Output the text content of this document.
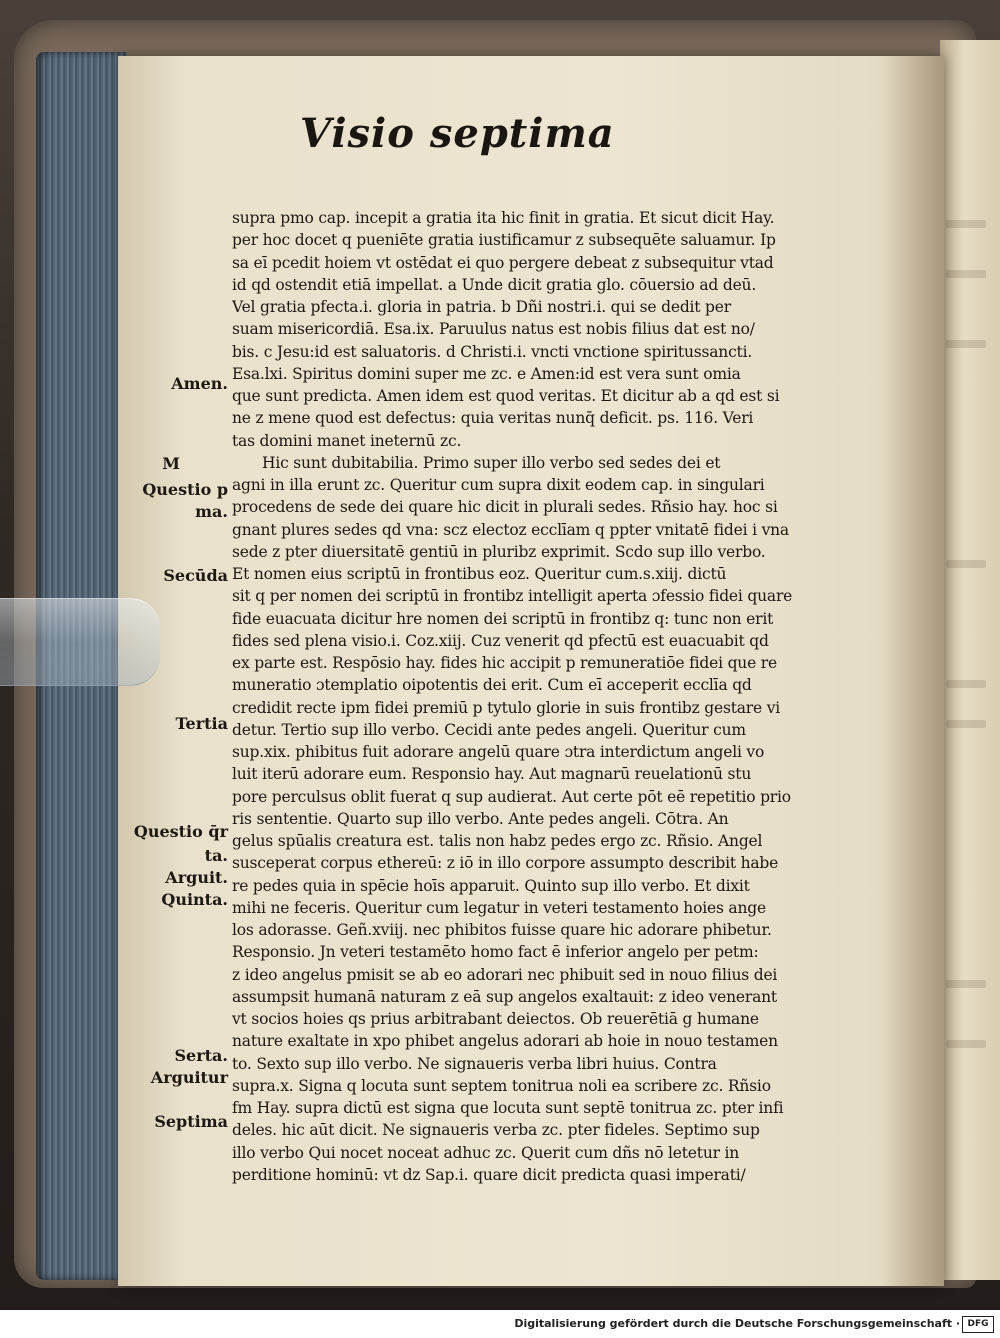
Visio septima
Amen.
M
Questio p
ma.
Secūda
Tertia
Questio q̄r
ta.
Arguit.
Quinta.
Serta.
Arguitur
Septima
supra pmo cap. incepit a gratia ita hic finit in gratia. Et sicut dicit Hay.
per hoc docet q pueniēte gratia iustificamur z subsequēte saluamur. Ip
sa eī pcedit hoiem vt ostēdat ei quo pergere debeat z subsequitur vtad
id qd ostendit etiā impellat. a Unde dicit gratia glo. cōuersio ad deū.
Vel gratia pfecta.i. gloria in patria. b Dñi nostri.i. qui se dedit per
suam misericordiā. Esa.ix. Paruulus natus est nobis filius dat est no/
bis. c Jesu:id est saluatoris. d Christi.i. vncti vnctione spiritussancti.
Esa.lxi. Spiritus domini super me zc. e Amen:id est vera sunt omia
que sunt predicta. Amen idem est quod veritas. Et dicitur ab a qd est si
ne z mene quod est defectus: quia veritas nunq̄ deficit. ps. 116. Veri
tas domini manet ineternū zc.
Hic sunt dubitabilia. Primo super illo verbo sed sedes dei et
agni in illa erunt zc. Queritur cum supra dixit eodem cap. in singulari
procedens de sede dei quare hic dicit in plurali sedes. Rñsio hay. hoc si
gnant plures sedes qd vna: scz electoz ecclīam q ppter vnitatē fidei i vna
sede z pter diuersitatē gentiū in pluribz exprimit. Scdo sup illo verbo.
Et nomen eius scriptū in frontibus eoz. Queritur cum.s.xiij. dictū
sit q per nomen dei scriptū in frontibz intelligit aperta ɔfessio fidei quare
fide euacuata dicitur hre nomen dei scriptū in frontibz q: tunc non erit
fides sed plena visio.i. Coz.xiij. Cuz venerit qd pfectū est euacuabit qd
ex parte est. Respōsio hay. fides hic accipit p remuneratiōe fidei que re
muneratio ɔtemplatio oipotentis dei erit. Cum eī acceperit ecclīa qd
credidit recte ipm fidei premiū p tytulo glorie in suis frontibz gestare vi
detur. Tertio sup illo verbo. Cecidi ante pedes angeli. Queritur cum
sup.xix. phibitus fuit adorare angelū quare ɔtra interdictum angeli vo
luit iterū adorare eum. Responsio hay. Aut magnarū reuelationū stu
pore perculsus oblit fuerat q sup audierat. Aut certe pōt eē repetitio prio
ris sententie. Quarto sup illo verbo. Ante pedes angeli. Cōtra. An
gelus spūalis creatura est. talis non habz pedes ergo zc. Rñsio. Angel
susceperat corpus ethereū: z iō in illo corpore assumpto describit habe
re pedes quia in spēcie hoīs apparuit. Quinto sup illo verbo. Et dixit
mihi ne feceris. Queritur cum legatur in veteri testamento hoies ange
los adorasse. Geñ.xviij. nec phibitos fuisse quare hic adorare phibetur.
Responsio. Jn veteri testamēto homo fact ē inferior angelo per petm:
z ideo angelus pmisit se ab eo adorari nec phibuit sed in nouo filius dei
assumpsit humanā naturam z eā sup angelos exaltauit: z ideo venerant
vt socios hoies qs prius arbitrabant deiectos. Ob reuerētiā g humane
nature exaltate in xpo phibet angelus adorari ab hoie in nouo testamen
to. Sexto sup illo verbo. Ne signaueris verba libri huius. Contra
supra.x. Signa q locuta sunt septem tonitrua noli ea scribere zc. Rñsio
fm Hay. supra dictū est signa que locuta sunt septē tonitrua zc. pter infi
deles. hic aūt dicit. Ne signaueris verba zc. pter fideles. Septimo sup
illo verbo Qui nocet noceat adhuc zc. Querit cum dñs nō letetur in
perditione hominū: vt dz Sap.i. quare dicit predicta quasi imperati/
Digitalisierung gefördert durch die Deutsche Forschungsgemeinschaft · DFG
